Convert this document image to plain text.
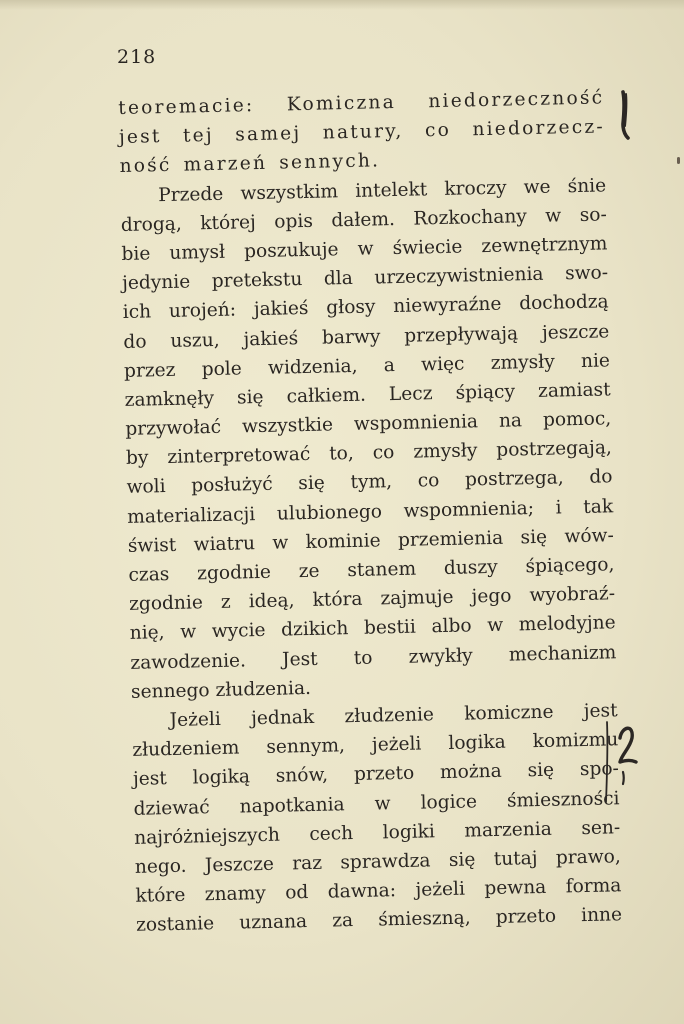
218
teoremacie: Komiczna niedorzeczność
jest tej samej natury, co niedorzecz-
ność marzeń sennych.
Przede wszystkim intelekt kroczy we śnie
drogą, której opis dałem. Rozkochany w so-
bie umysł poszukuje w świecie zewnętrznym
jedynie pretekstu dla urzeczywistnienia swo-
ich urojeń: jakieś głosy niewyraźne dochodzą
do uszu, jakieś barwy przepływają jeszcze
przez pole widzenia, a więc zmysły nie
zamknęły się całkiem. Lecz śpiący zamiast
przywołać wszystkie wspomnienia na pomoc,
by zinterpretować to, co zmysły postrzegają,
woli posłużyć się tym, co postrzega, do
materializacji ulubionego wspomnienia; i tak
świst wiatru w kominie przemienia się wów-
czas zgodnie ze stanem duszy śpiącego,
zgodnie z ideą, która zajmuje jego wyobraź-
nię, w wycie dzikich bestii albo w melodyjne
zawodzenie. Jest to zwykły mechanizm
sennego złudzenia.
Jeżeli jednak złudzenie komiczne jest
złudzeniem sennym, jeżeli logika komizmu
jest logiką snów, przeto można się spo-
dziewać napotkania w logice śmieszności
najróżniejszych cech logiki marzenia sen-
nego. Jeszcze raz sprawdza się tutaj prawo,
które znamy od dawna: jeżeli pewna forma
zostanie uznana za śmieszną, przeto inne
